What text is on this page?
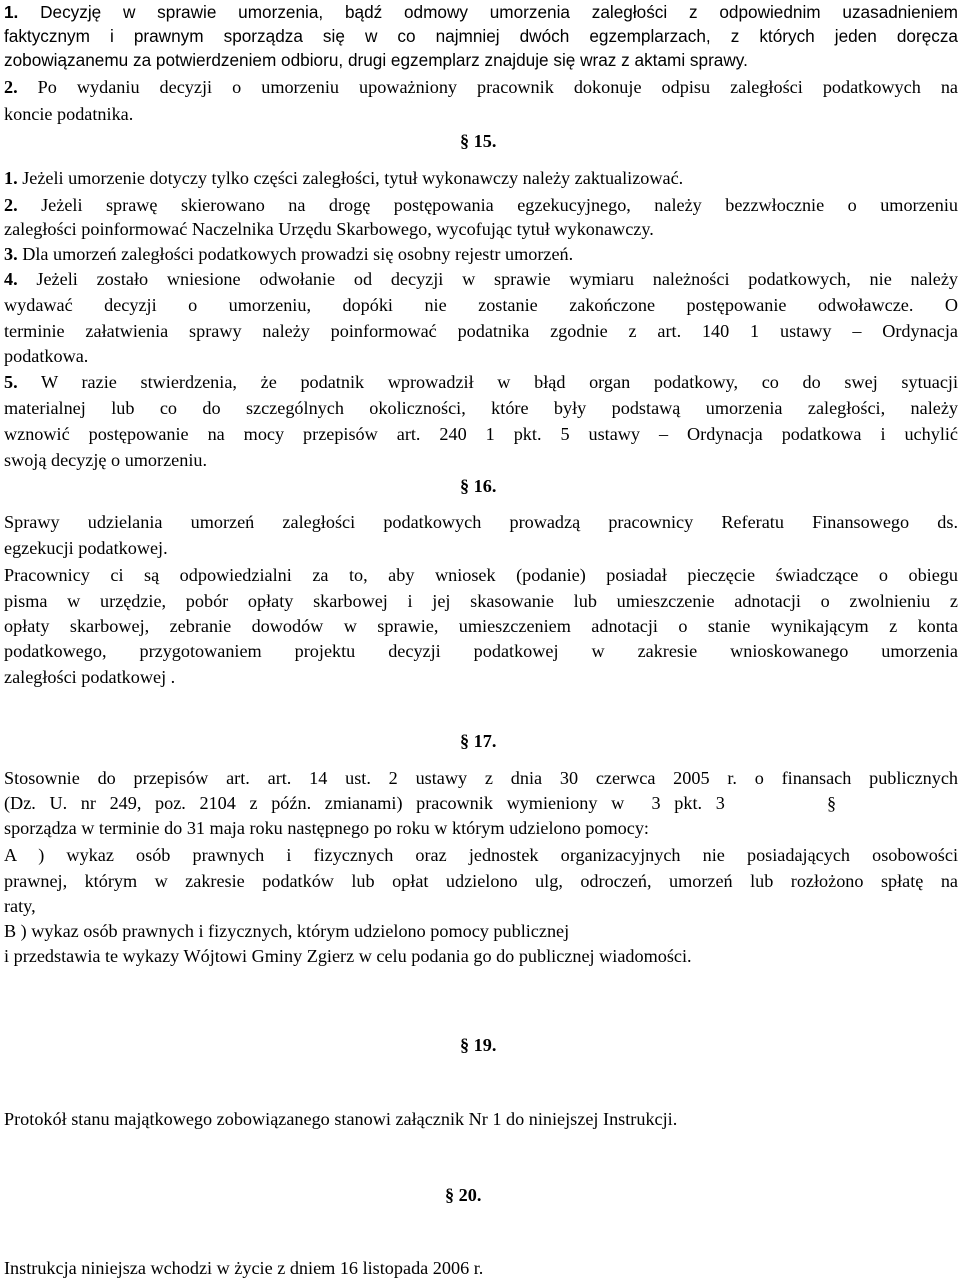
1. Decyzję w sprawie umorzenia, bądź odmowy umorzenia zaległości z odpowiednim uzasadnieniem

faktycznym i prawnym sporządza się w co najmniej dwóch egzemplarzach, z których jeden doręcza

zobowiązanemu za potwierdzeniem odbioru, drugi egzemplarz znajduje się wraz z aktami sprawy.

2. Po wydaniu decyzji o umorzeniu upoważniony pracownik dokonuje odpisu zaległości podatkowych na

koncie podatnika.

§ 15.

1. Jeżeli umorzenie dotyczy tylko części zaległości, tytuł wykonawczy należy zaktualizować.

2. Jeżeli sprawę skierowano na drogę postępowania egzekucyjnego, należy bezzwłocznie o umorzeniu

zaległości poinformować Naczelnika Urzędu Skarbowego, wycofując tytuł wykonawczy.

3. Dla umorzeń zaległości podatkowych prowadzi się osobny rejestr umorzeń.

4. Jeżeli zostało wniesione odwołanie od decyzji w sprawie wymiaru należności podatkowych, nie należy

wydawać decyzji o umorzeniu, dopóki nie zostanie zakończone postępowanie odwoławcze. O

terminie załatwienia sprawy należy poinformować podatnika zgodnie z art. 140 1 ustawy – Ordynacja

podatkowa.

5. W razie stwierdzenia, że podatnik wprowadził w błąd organ podatkowy, co do swej sytuacji

materialnej lub co do szczególnych okoliczności, które były podstawą umorzenia zaległości, należy

wznowić postępowanie na mocy przepisów art. 240 1 pkt. 5 ustawy – Ordynacja podatkowa i uchylić

swoją decyzję o umorzeniu.

§ 16.

Sprawy udzielania umorzeń zaległości podatkowych prowadzą pracownicy Referatu Finansowego ds.

egzekucji podatkowej.

Pracownicy ci są odpowiedzialni za to, aby wniosek (podanie) posiadał pieczęcie świadczące o obiegu

pisma w urzędzie, pobór opłaty skarbowej i jej skasowanie lub umieszczenie adnotacji o zwolnieniu z

opłaty skarbowej, zebranie dowodów w sprawie, umieszczeniem adnotacji o stanie wynikającym z konta

podatkowego, przygotowaniem projektu decyzji podatkowej w zakresie wnioskowanego umorzenia

zaległości podatkowej .

§ 17.

Stosownie do przepisów art. art. 14 ust. 2 ustawy z dnia 30 czerwca 2005 r. o finansach publicznych

(Dz.   U.   nr   249,   poz.   2104   z   późn.   zmianami)   pracownik   wymieniony   w      3   pkt.   3	§

sporządza w terminie do 31 maja roku następnego po roku w którym udzielono pomocy:

A ) wykaz osób prawnych i fizycznych oraz jednostek organizacyjnych nie posiadających osobowości

prawnej, którym w zakresie podatków lub opłat udzielono ulg, odroczeń, umorzeń lub rozłożono spłatę na

raty,

B ) wykaz osób prawnych i fizycznych, którym udzielono pomocy publicznej

i przedstawia te wykazy Wójtowi Gminy Zgierz w celu podania go do publicznej wiadomości.

§ 19.

Protokół stanu majątkowego zobowiązanego stanowi załącznik Nr 1 do niniejszej Instrukcji.

§ 20.

Instrukcja niniejsza wchodzi w życie z dniem 16 listopada 2006 r.
